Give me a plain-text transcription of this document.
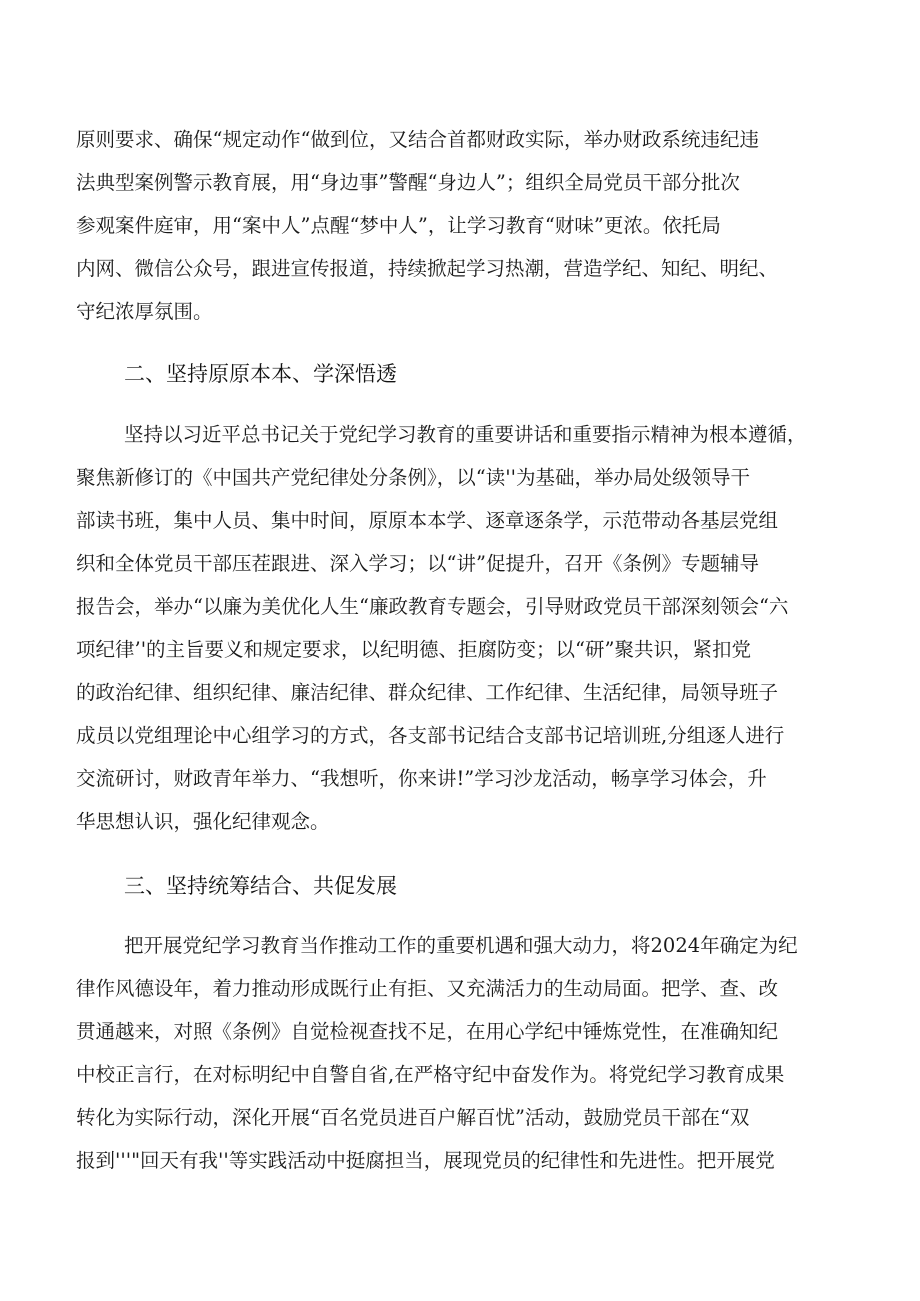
原则要求、确保“规定动作“做到位，又结合首都财政实际，举办财政系统违纪违
法典型案例警示教育展，用“身边事”警醒“身边人”；组织全局党员干部分批次
参观案件庭审，用“案中人”点醒“梦中人”，让学习教育“财味”更浓。依托局
内网、微信公众号，跟进宣传报道，持续掀起学习热潮，营造学纪、知纪、明纪、
守纪浓厚氛围。
二、坚持原原本本、学深悟透
坚持以习近平总书记关于党纪学习教育的重要讲话和重要指示精神为根本遵循，
聚焦新修订的《中国共产党纪律处分条例》，以“读''为基础，举办局处级领导干
部读书班，集中人员、集中时间，原原本本学、逐章逐条学，示范带动各基层党组
织和全体党员干部压茬跟进、深入学习；以“讲”促提升，召开《条例》专题辅导
报告会，举办“以廉为美优化人生“廉政教育专题会，引导财政党员干部深刻领会“六
项纪律’'的主旨要义和规定要求，以纪明德、拒腐防变；以“研”聚共识，紧扣党
的政治纪律、组织纪律、廉洁纪律、群众纪律、工作纪律、生活纪律，局领导班子
成员以党组理论中心组学习的方式，各支部书记结合支部书记培训班,分组逐人进行
交流研讨，财政青年举力、“我想听，你来讲!”学习沙龙活动，畅享学习体会，升
华思想认识，强化纪律观念。
三、坚持统筹结合、共促发展
把开展党纪学习教育当作推动工作的重要机遇和强大动力，将2024年确定为纪
律作风德设年，着力推动形成既行止有拒、又充满活力的生动局面。把学、查、改
贯通越来，对照《条例》自觉检视查找不足，在用心学纪中锤炼党性，在准确知纪
中校正言行，在对标明纪中自警自省,在严格守纪中奋发作为。将党纪学习教育成果
转化为实际行动，深化开展“百名党员进百户解百忧”活动，鼓励党员干部在“双
报到'''"回天有我''等实践活动中挺腐担当，展现党员的纪律性和先进性。把开展党
